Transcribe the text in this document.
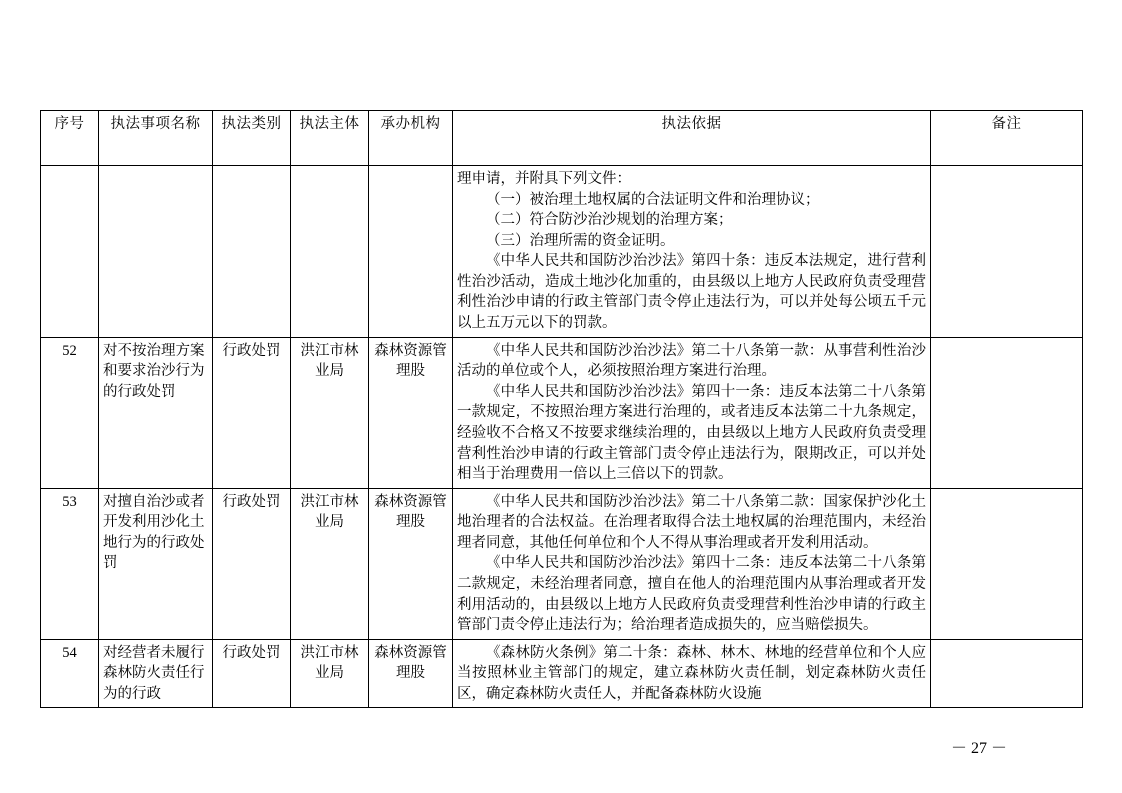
序号	执法事项名称	执法类别	执法主体	承办机构	执法依据	备注

					理申请，并附具下列文件：

（一）被治理土地权属的合法证明文件和治理协议；

（二）符合防沙治沙规划的治理方案；

（三）治理所需的资金证明。

《中华人民共和国防沙治沙法》第四十条：违反本法规定，进行营利性治沙活动，造成土地沙化加重的，由县级以上地方人民政府负责受理营利性治沙申请的行政主管部门责令停止违法行为，可以并处每公顷五千元以上五万元以下的罚款。	

52	对不按治理方案和要求治沙行为的行政处罚	行政处罚	洪江市林业局	森林资源管理股	《中华人民共和国防沙治沙法》第二十八条第一款：从事营利性治沙活动的单位或个人，必须按照治理方案进行治理。

《中华人民共和国防沙治沙法》第四十一条：违反本法第二十八条第一款规定，不按照治理方案进行治理的，或者违反本法第二十九条规定，经验收不合格又不按要求继续治理的，由县级以上地方人民政府负责受理营利性治沙申请的行政主管部门责令停止违法行为，限期改正，可以并处相当于治理费用一倍以上三倍以下的罚款。	

53	对擅自治沙或者开发利用沙化土地行为的行政处罚	行政处罚	洪江市林业局	森林资源管理股	《中华人民共和国防沙治沙法》第二十八条第二款：国家保护沙化土地治理者的合法权益。在治理者取得合法土地权属的治理范围内，未经治理者同意，其他任何单位和个人不得从事治理或者开发利用活动。

《中华人民共和国防沙治沙法》第四十二条：违反本法第二十八条第二款规定，未经治理者同意，擅自在他人的治理范围内从事治理或者开发利用活动的，由县级以上地方人民政府负责受理营利性治沙申请的行政主管部门责令停止违法行为；给治理者造成损失的，应当赔偿损失。	

54	对经营者未履行森林防火责任行为的行政	行政处罚	洪江市林业局	森林资源管理股	《森林防火条例》第二十条：森林、林木、林地的经营单位和个人应当按照林业主管部门的规定，建立森林防火责任制，划定森林防火责任区，确定森林防火责任人，并配备森林防火设施	

－ 27 －
